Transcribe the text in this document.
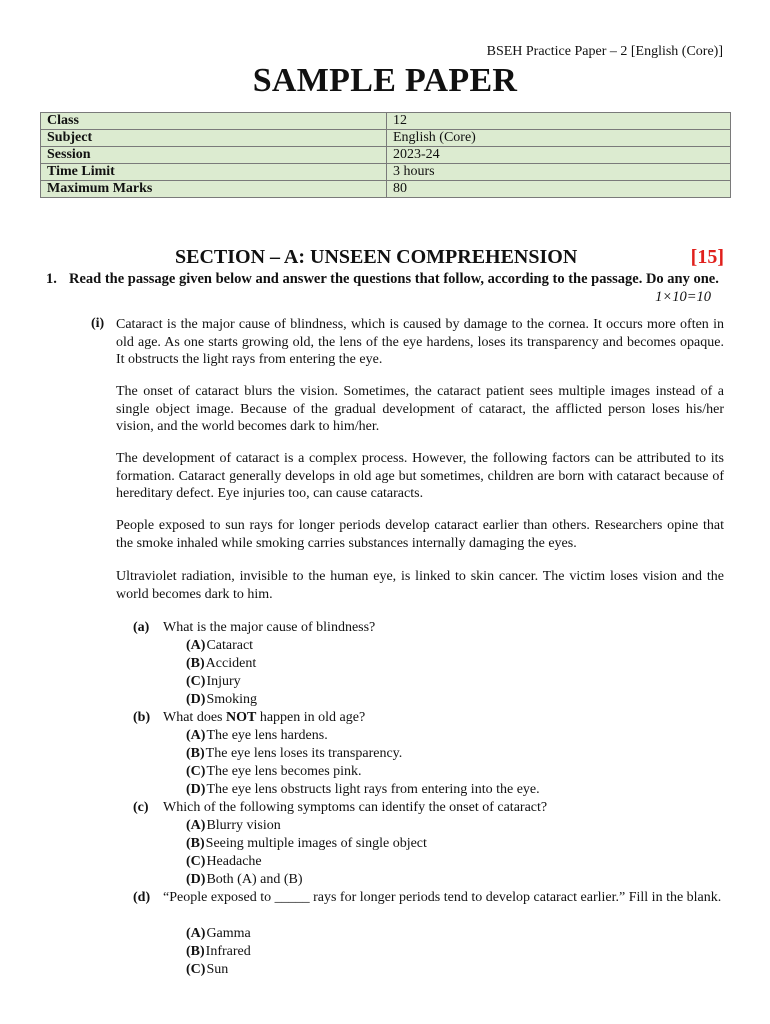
BSEH Practice Paper – 2 [English (Core)]
SAMPLE PAPER
Class	12
Subject	English (Core)
Session	2023-24
Time Limit	3 hours
Maximum Marks	80
SECTION – A: UNSEEN COMPREHENSION	[15]
1. Read the passage given below and answer the questions that follow, according to the passage. Do any one.
1×10=10
(i) Cataract is the major cause of blindness, which is caused by damage to the cornea. It occurs more often in old age. As one starts growing old, the lens of the eye hardens, loses its transparency and becomes opaque. It obstructs the light rays from entering the eye.
The onset of cataract blurs the vision. Sometimes, the cataract patient sees multiple images instead of a single object image. Because of the gradual development of cataract, the afflicted person loses his/her vision, and the world becomes dark to him/her.
The development of cataract is a complex process. However, the following factors can be attributed to its formation. Cataract generally develops in old age but sometimes, children are born with cataract because of hereditary defect. Eye injuries too, can cause cataracts.
People exposed to sun rays for longer periods develop cataract earlier than others. Researchers opine that the smoke inhaled while smoking carries substances internally damaging the eyes.
Ultraviolet radiation, invisible to the human eye, is linked to skin cancer. The victim loses vision and the world becomes dark to him.
(a) What is the major cause of blindness?
(A)Cataract
(B)Accident
(C)Injury
(D)Smoking
(b) What does NOT happen in old age?
(A)The eye lens hardens.
(B)The eye lens loses its transparency.
(C)The eye lens becomes pink.
(D)The eye lens obstructs light rays from entering into the eye.
(c) Which of the following symptoms can identify the onset of cataract?
(A)Blurry vision
(B)Seeing multiple images of single object
(C)Headache
(D)Both (A) and (B)
(d) “People exposed to _____ rays for longer periods tend to develop cataract earlier.” Fill in the blank.
(A)Gamma
(B)Infrared
(C)Sun
